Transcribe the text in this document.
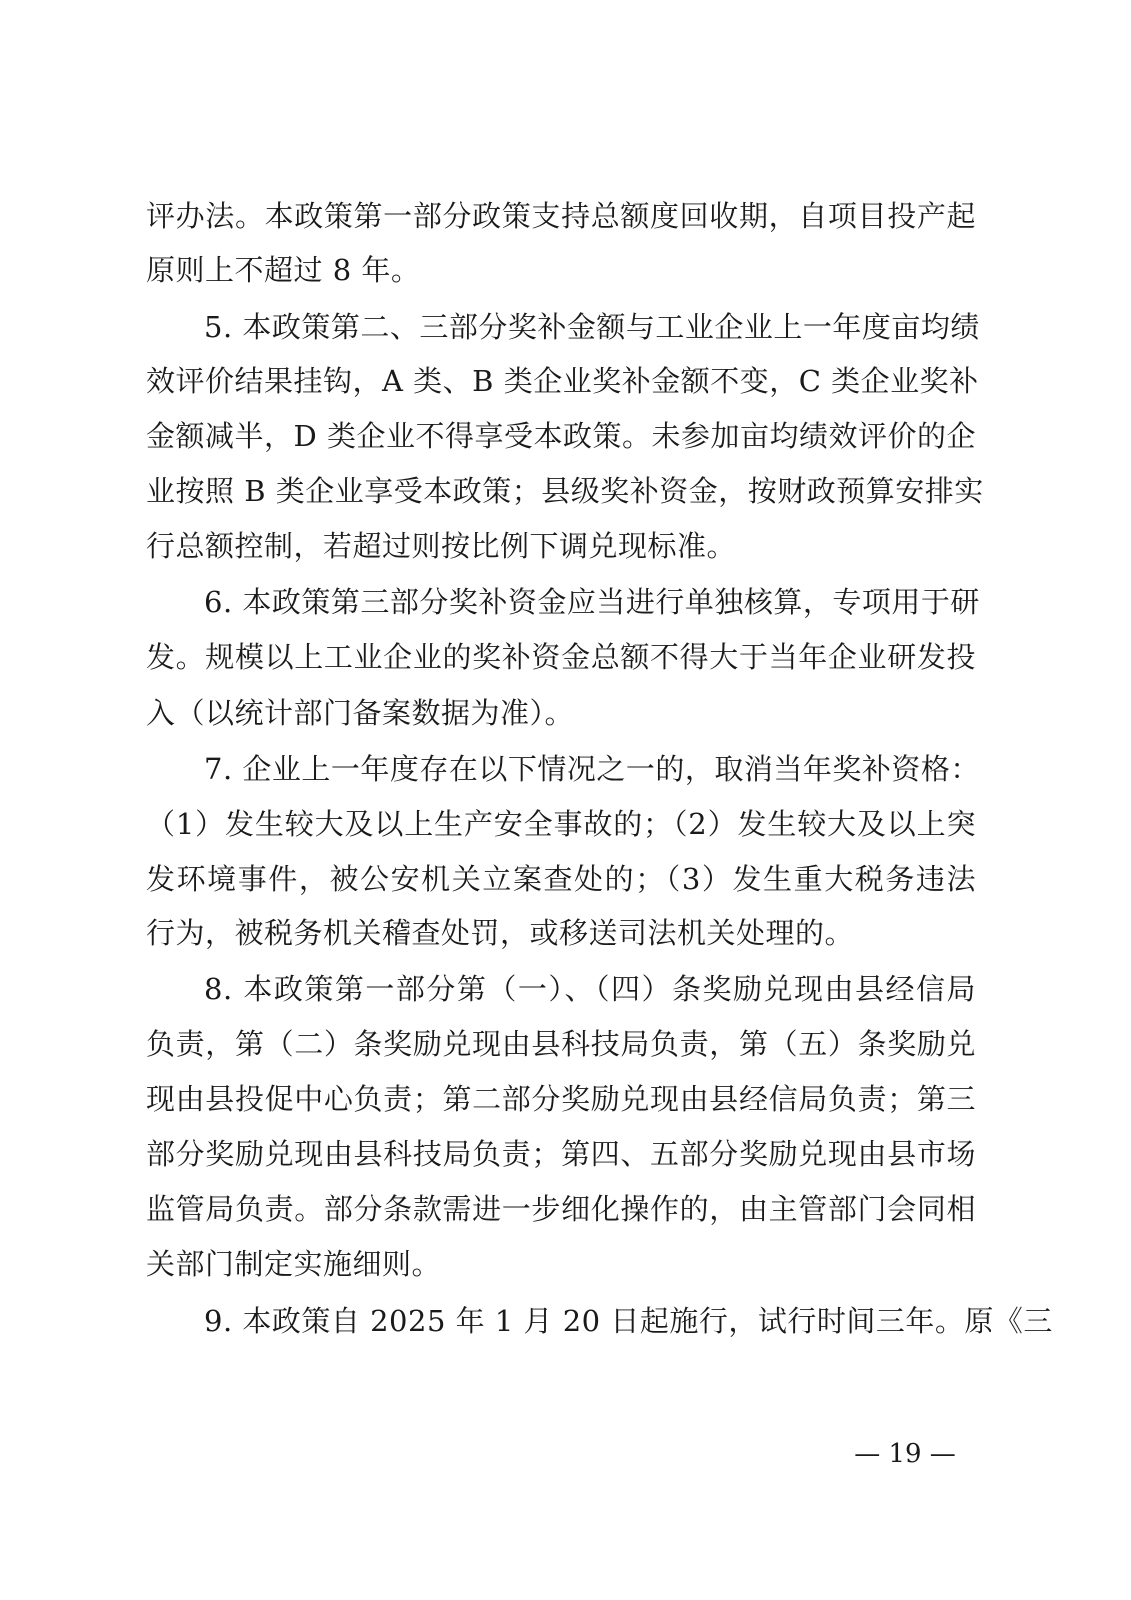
评办法。本政策第一部分政策支持总额度回收期，自项目投产起
原则上不超过 8 年。
5. 本政策第二、三部分奖补金额与工业企业上一年度亩均绩
效评价结果挂钩，A 类、B 类企业奖补金额不变，C 类企业奖补
金额减半，D 类企业不得享受本政策。未参加亩均绩效评价的企
业按照 B 类企业享受本政策；县级奖补资金，按财政预算安排实
行总额控制，若超过则按比例下调兑现标准。
6. 本政策第三部分奖补资金应当进行单独核算，专项用于研
发。规模以上工业企业的奖补资金总额不得大于当年企业研发投
入（以统计部门备案数据为准）。
7. 企业上一年度存在以下情况之一的，取消当年奖补资格：
（1）发生较大及以上生产安全事故的；（2）发生较大及以上突
发环境事件，被公安机关立案查处的；（3）发生重大税务违法
行为，被税务机关稽查处罚，或移送司法机关处理的。
8. 本政策第一部分第（一）、（四）条奖励兑现由县经信局
负责，第（二）条奖励兑现由县科技局负责，第（五）条奖励兑
现由县投促中心负责；第二部分奖励兑现由县经信局负责；第三
部分奖励兑现由县科技局负责；第四、五部分奖励兑现由县市场
监管局负责。部分条款需进一步细化操作的，由主管部门会同相
关部门制定实施细则。
9. 本政策自 2025 年 1 月 20 日起施行，试行时间三年。原《三
— 19 —
